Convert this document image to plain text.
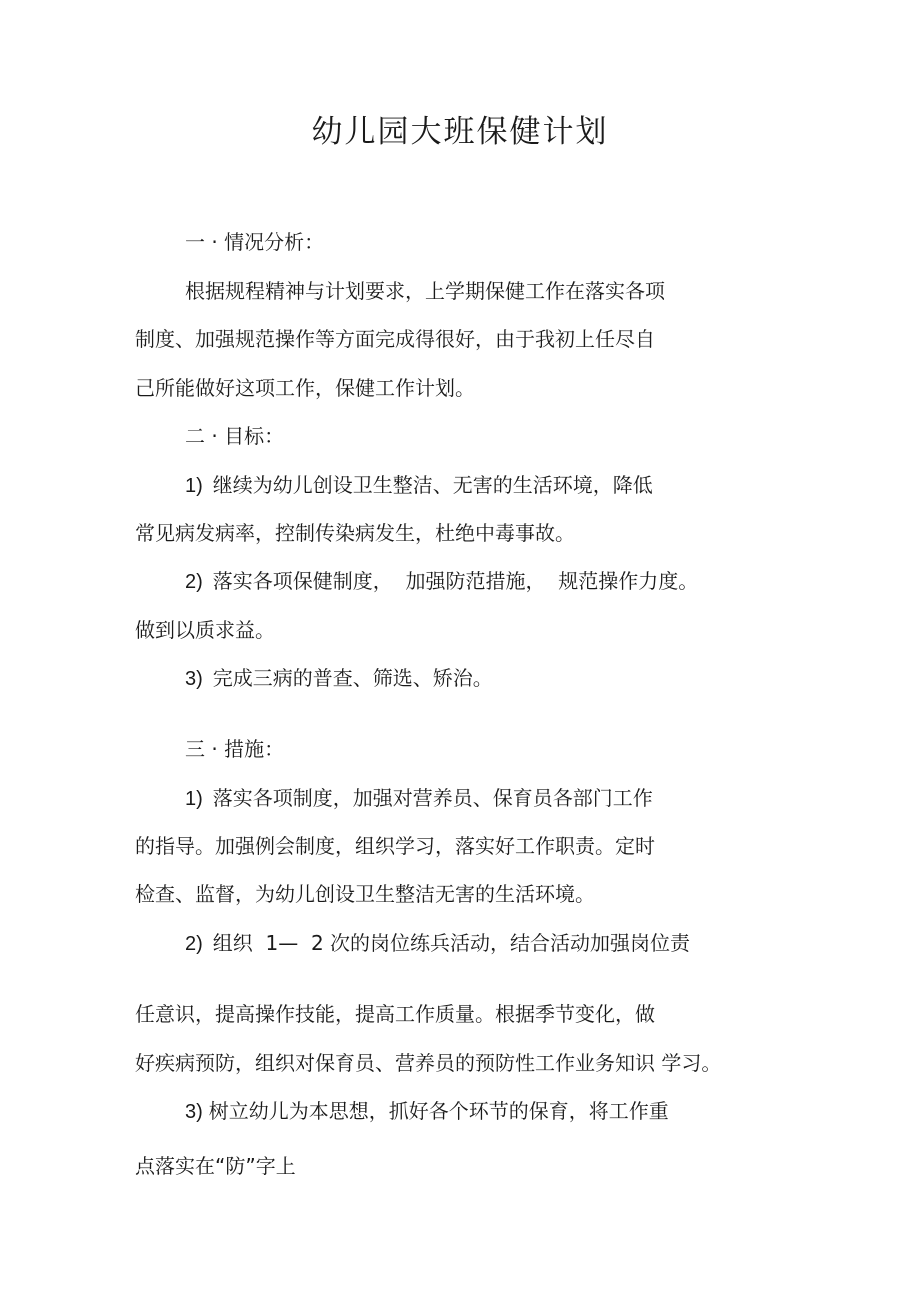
幼儿园大班保健计划
一 · 情况分析：
根据规程精神与计划要求，上学期保健工作在落实各项
制度、加强规范操作等方面完成得很好，由于我初上任尽自
己所能做好这项工作，保健工作计划。
二 · 目标：
1) 继续为幼儿创设卫生整洁、无害的生活环境，降低
常见病发病率，控制传染病发生，杜绝中毒事故。
2) 落实各项保健制度，  加强防范措施，  规范操作力度。
做到以质求益。
3) 完成三病的普查、筛选、矫治。
三 · 措施：
1) 落实各项制度，加强对营养员、保育员各部门工作
的指导。加强例会制度，组织学习，落实好工作职责。定时
检查、监督，为幼儿创设卫生整洁无害的生活环境。
2) 组织  1—  2 次的岗位练兵活动，结合活动加强岗位责
任意识，提高操作技能，提高工作质量。根据季节变化，做
好疾病预防，组织对保育员、营养员的预防性工作业务知识 学习。
3) 树立幼儿为本思想，抓好各个环节的保育，将工作重
点落实在“防”字上
